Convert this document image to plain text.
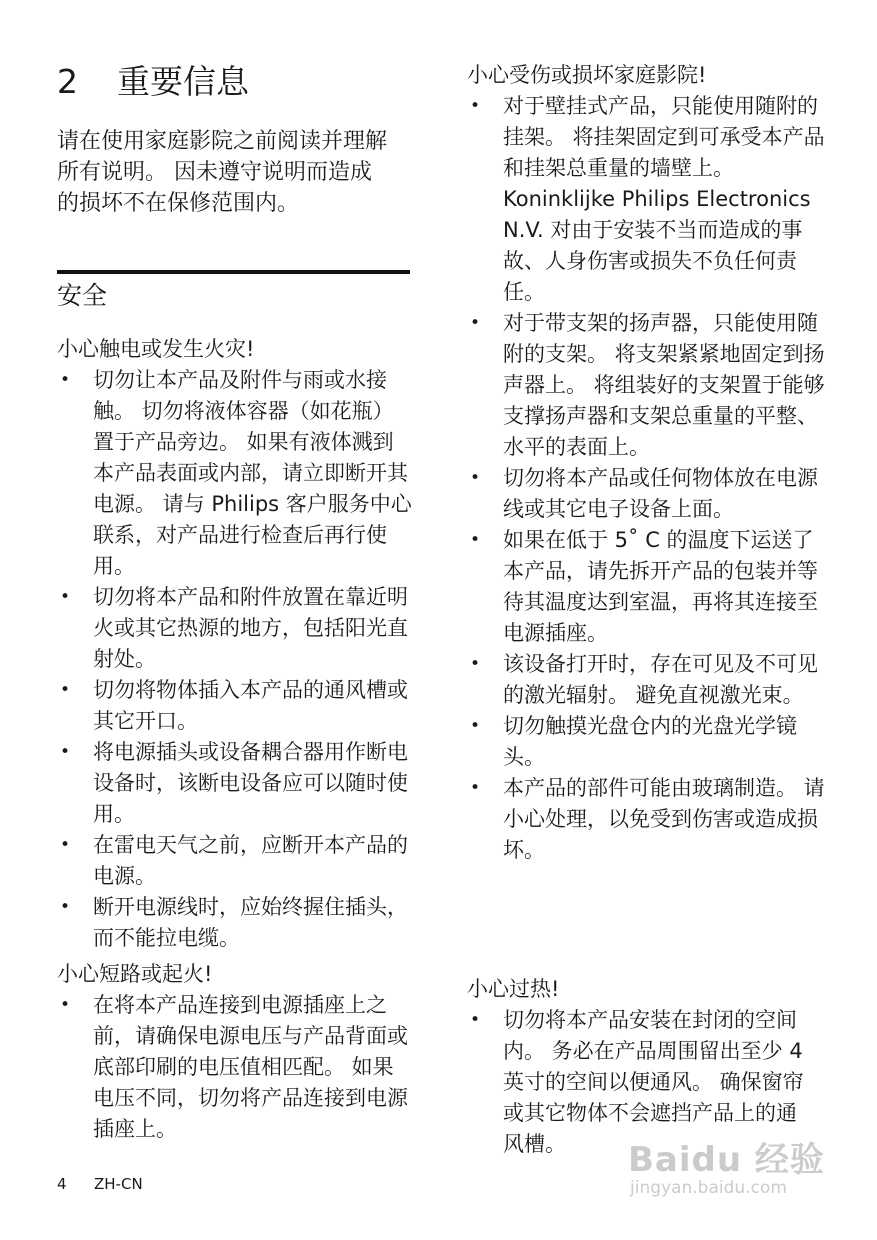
2 重要信息
请在使用家庭影院之前阅读并理解所有说明。 因未遵守说明而造成的损坏不在保修范围内。
安全
小心触电或发生火灾!
• 切勿让本产品及附件与雨或水接触。 切勿将液体容器（如花瓶）置于产品旁边。 如果有液体溅到本产品表面或内部，请立即断开其电源。 请与 Philips 客户服务中心联系，对产品进行检查后再行使用。
• 切勿将本产品和附件放置在靠近明火或其它热源的地方，包括阳光直射处。
• 切勿将物体插入本产品的通风槽或其它开口。
• 将电源插头或设备耦合器用作断电设备时，该断电设备应可以随时使用。
• 在雷电天气之前，应断开本产品的电源。
• 断开电源线时，应始终握住插头，而不能拉电缆。
小心短路或起火!
• 在将本产品连接到电源插座上之前，请确保电源电压与产品背面或底部印刷的电压值相匹配。 如果电压不同，切勿将产品连接到电源插座上。
小心受伤或损坏家庭影院!
• 对于壁挂式产品，只能使用随附的挂架。 将挂架固定到可承受本产品和挂架总重量的墙壁上。 Koninklijke Philips Electronics N.V. 对由于安装不当而造成的事故、人身伤害或损失不负任何责任。
• 对于带支架的扬声器，只能使用随附的支架。 将支架紧紧地固定到扬声器上。 将组装好的支架置于能够支撑扬声器和支架总重量的平整、水平的表面上。
• 切勿将本产品或任何物体放在电源线或其它电子设备上面。
• 如果在低于 5˚ C 的温度下运送了本产品，请先拆开产品的包装并等待其温度达到室温，再将其连接至电源插座。
• 该设备打开时，存在可见及不可见的激光辐射。 避免直视激光束。
• 切勿触摸光盘仓内的光盘光学镜头。
• 本产品的部件可能由玻璃制造。 请小心处理，以免受到伤害或造成损坏。
小心过热!
• 切勿将本产品安装在封闭的空间内。 务必在产品周围留出至少 4 英寸的空间以便通风。 确保窗帘或其它物体不会遮挡产品上的通风槽。
4 ZH-CN
Baidu 经验
jingyan.baidu.com
